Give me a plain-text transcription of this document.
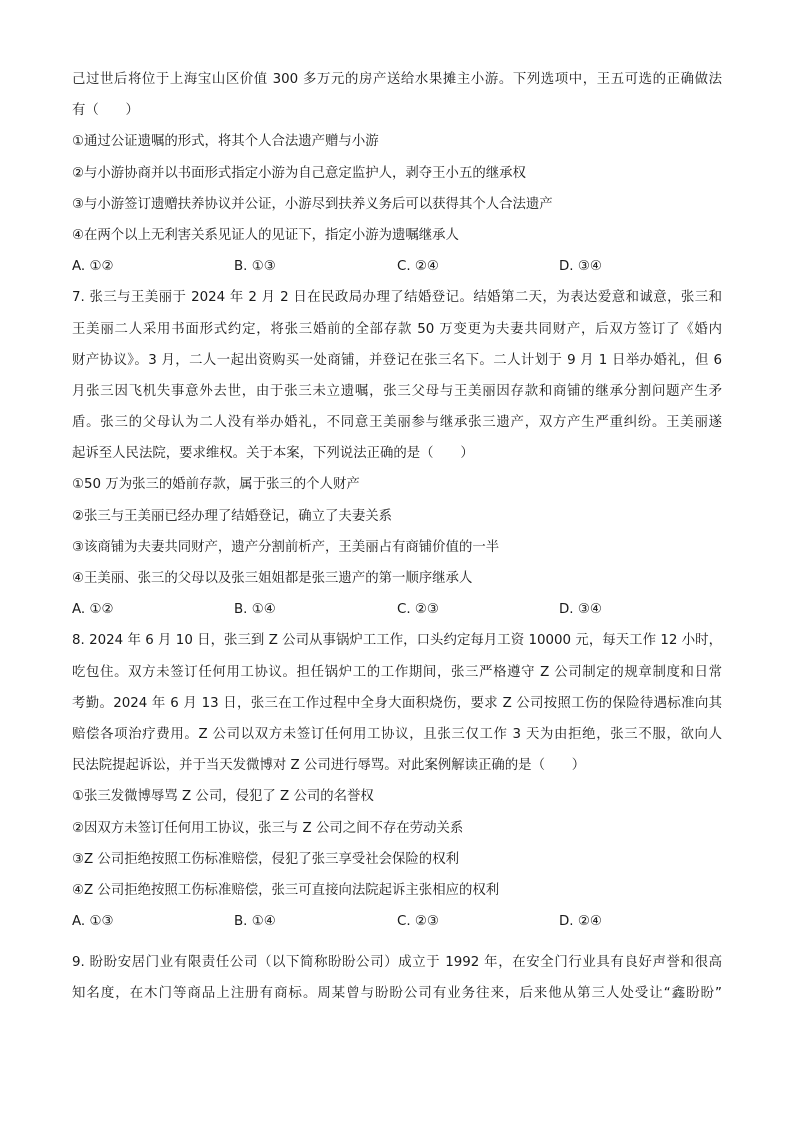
己过世后将位于上海宝山区价值 300 多万元的房产送给水果摊主小游。下列选项中，王五可选的正确做法
有（　　）
①通过公证遗嘱的形式，将其个人合法遗产赠与小游
②与小游协商并以书面形式指定小游为自己意定监护人，剥夺王小五的继承权
③与小游签订遗赠扶养协议并公证，小游尽到扶养义务后可以获得其个人合法遗产
④在两个以上无利害关系见证人的见证下，指定小游为遗嘱继承人
A. ①②	B. ①③	C. ②④	D. ③④
7. 张三与王美丽于 2024 年 2 月 2 日在民政局办理了结婚登记。结婚第二天，为表达爱意和诚意，张三和
王美丽二人采用书面形式约定，将张三婚前的全部存款 50 万变更为夫妻共同财产，后双方签订了《婚内
财产协议》。3 月，二人一起出资购买一处商铺，并登记在张三名下。二人计划于 9 月 1 日举办婚礼，但 6
月张三因飞机失事意外去世，由于张三未立遗嘱，张三父母与王美丽因存款和商铺的继承分割问题产生矛
盾。张三的父母认为二人没有举办婚礼，不同意王美丽参与继承张三遗产，双方产生严重纠纷。王美丽遂
起诉至人民法院，要求维权。关于本案，下列说法正确的是（　　）
①50 万为张三的婚前存款，属于张三的个人财产
②张三与王美丽已经办理了结婚登记，确立了夫妻关系
③该商铺为夫妻共同财产，遗产分割前析产，王美丽占有商铺价值的一半
④王美丽、张三的父母以及张三姐姐都是张三遗产的第一顺序继承人
A. ①②	B. ①④	C. ②③	D. ③④
8. 2024 年 6 月 10 日，张三到 Z 公司从事锅炉工工作，口头约定每月工资 10000 元，每天工作 12 小时，
吃包住。双方未签订任何用工协议。担任锅炉工的工作期间，张三严格遵守 Z 公司制定的规章制度和日常
考勤。2024 年 6 月 13 日，张三在工作过程中全身大面积烧伤，要求 Z 公司按照工伤的保险待遇标准向其
赔偿各项治疗费用。Z 公司以双方未签订任何用工协议，且张三仅工作 3 天为由拒绝，张三不服，欲向人
民法院提起诉讼，并于当天发微博对 Z 公司进行辱骂。对此案例解读正确的是（　　）
①张三发微博辱骂 Z 公司，侵犯了 Z 公司的名誉权
②因双方未签订任何用工协议，张三与 Z 公司之间不存在劳动关系
③Z 公司拒绝按照工伤标准赔偿，侵犯了张三享受社会保险的权利
④Z 公司拒绝按照工伤标准赔偿，张三可直接向法院起诉主张相应的权利
A. ①③	B. ①④	C. ②③	D. ②④
9. 盼盼安居门业有限责任公司（以下简称盼盼公司）成立于 1992 年，在安全门行业具有良好声誉和很高
知名度，在木门等商品上注册有商标。周某曾与盼盼公司有业务往来，后来他从第三人处受让“鑫盼盼”
